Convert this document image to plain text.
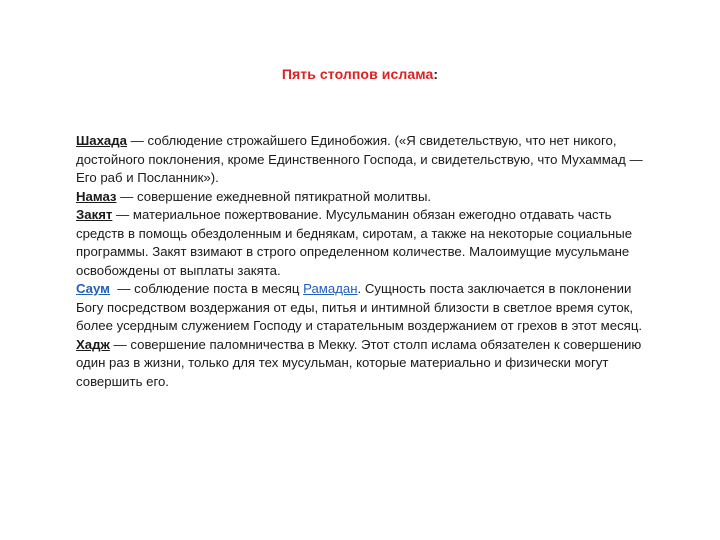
Пять столпов ислама:

Шахада — соблюдение строжайшего Единобожия. («Я свидетельствую, что нет никого, достойного поклонения, кроме Единственного Господа, и свидетельствую, что Мухаммад — Его раб и Посланник»).

Намаз — совершение ежедневной пятикратной молитвы.

Закят — материальное пожертвование. Мусульманин обязан ежегодно отдавать часть средств в помощь обездоленным и беднякам, сиротам, а также на некоторые социальные программы. Закят взимают в строго определенном количестве. Малоимущие мусульмане освобождены от выплаты закята.

Саум  — соблюдение поста в месяц Рамадан. Сущность поста заключается в поклонении Богу посредством воздержания от еды, питья и интимной близости в светлое время суток, более усердным служением Господу и старательным воздержанием от грехов в этот месяц.

Хадж — совершение паломничества в Мекку. Этот столп ислама обязателен к совершению один раз в жизни, только для тех мусульман, которые материально и физически могут совершить его.
